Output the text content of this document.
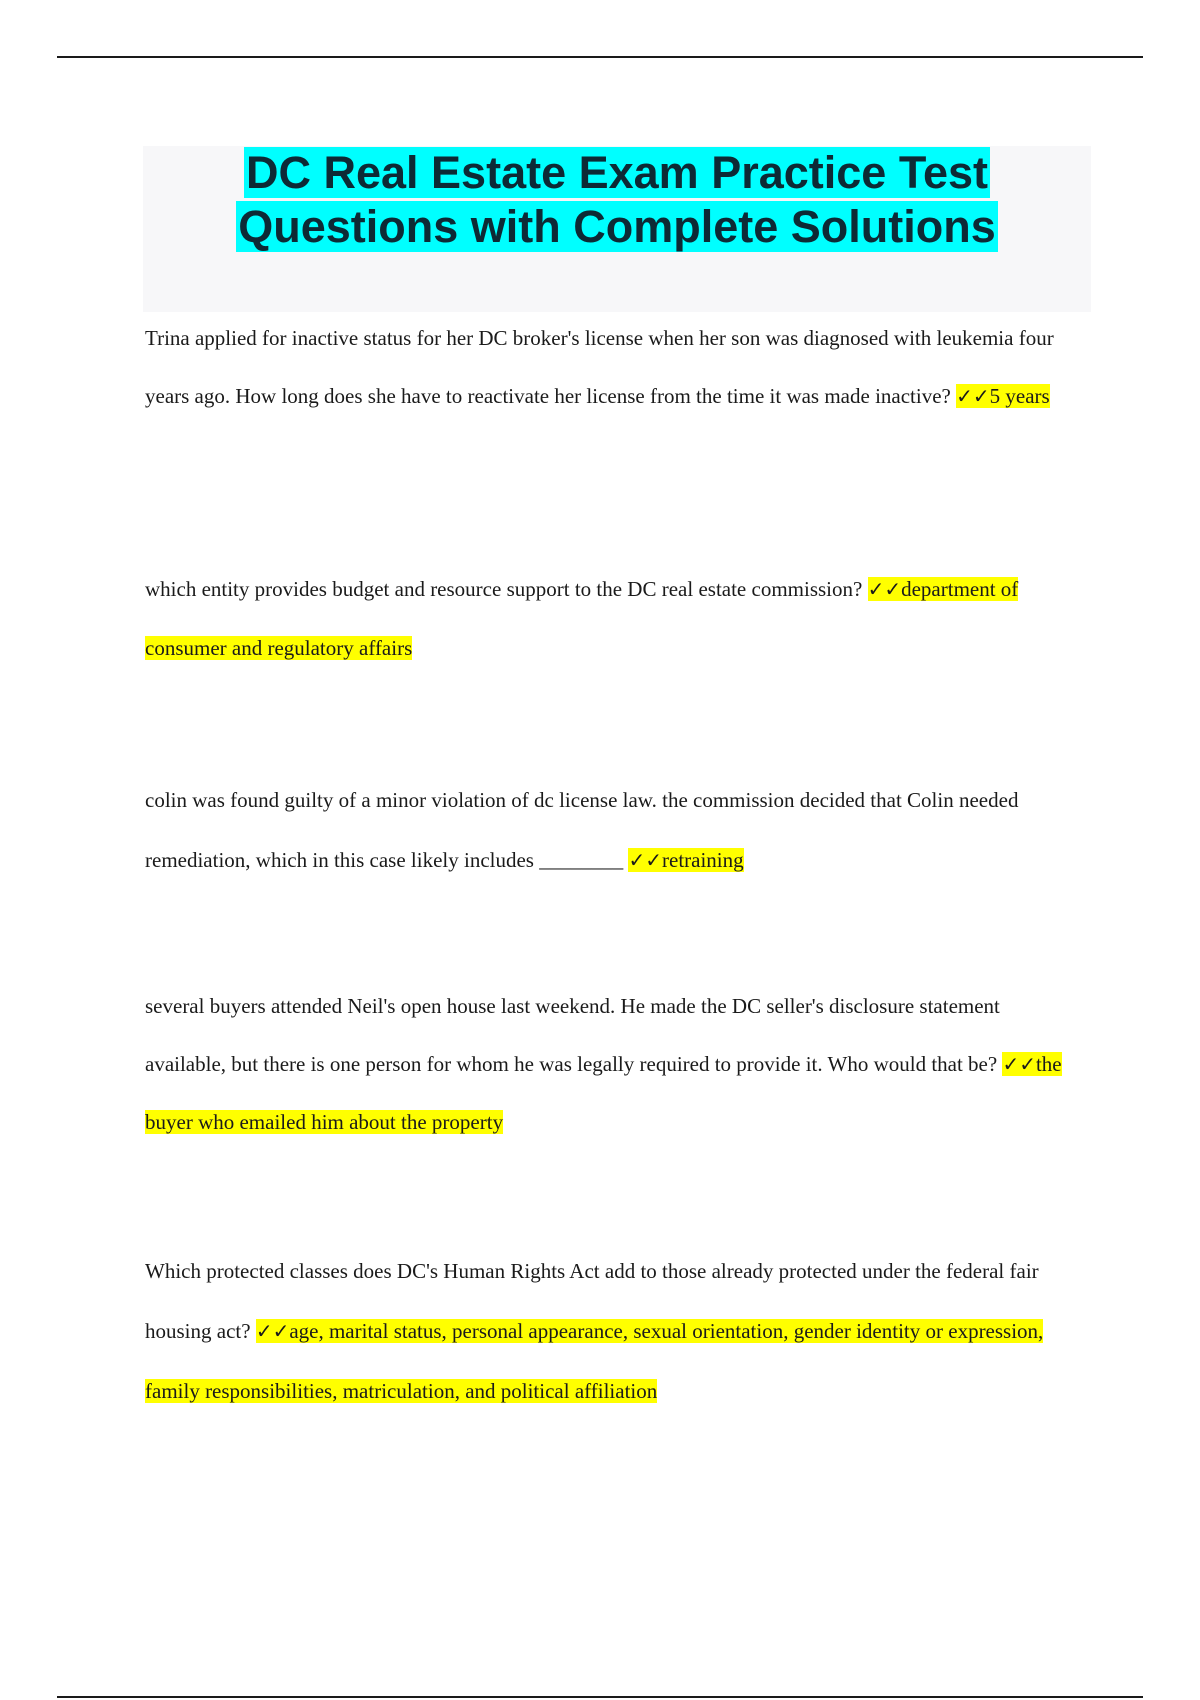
DC Real Estate Exam Practice Test
Questions with Complete Solutions

Trina applied for inactive status for her DC broker's license when her son was diagnosed with leukemia four years ago. How long does she have to reactivate her license from the time it was made inactive? ✓✓5 years

which entity provides budget and resource support to the DC real estate commission? ✓✓department of consumer and regulatory affairs

colin was found guilty of a minor violation of dc license law. the commission decided that Colin needed remediation, which in this case likely includes ________ ✓✓retraining

several buyers attended Neil's open house last weekend. He made the DC seller's disclosure statement available, but there is one person for whom he was legally required to provide it. Who would that be? ✓✓the buyer who emailed him about the property

Which protected classes does DC's Human Rights Act add to those already protected under the federal fair housing act? ✓✓age, marital status, personal appearance, sexual orientation, gender identity or expression, family responsibilities, matriculation, and political affiliation
